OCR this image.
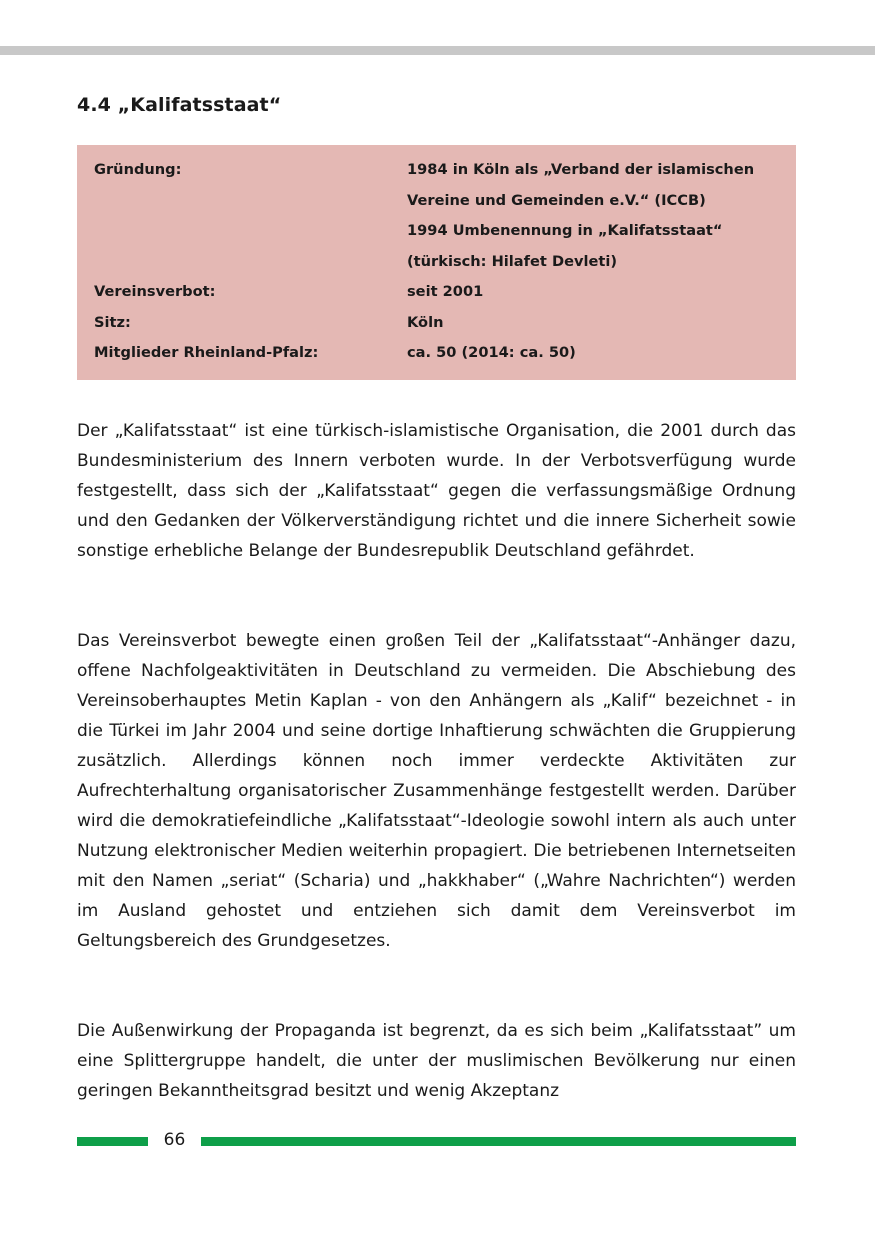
4.4 „Kalifatsstaat“
Gründung:	1984 in Köln als „Verband der islamischen
Vereine und Gemeinden e.V.“ (ICCB)
1994 Umbenennung in „Kalifatsstaat“
(türkisch: Hilafet Devleti)
Vereinsverbot:	seit 2001
Sitz:	Köln
Mitglieder Rheinland-Pfalz:	ca. 50 (2014: ca. 50)

Der „Kalifatsstaat“ ist eine türkisch-islamistische Organisation, die 2001 durch das Bundesministerium des Innern verboten wurde. In der Verbotsverfügung wurde festgestellt, dass sich der „Kalifatsstaat“ gegen die verfassungsmäßige Ordnung und den Gedanken der Völkerverständigung richtet und die innere Sicherheit sowie sonstige erhebliche Belange der Bundesrepublik Deutschland gefährdet.

Das Vereinsverbot bewegte einen großen Teil der „Kalifatsstaat“-Anhänger dazu, offene Nachfolgeaktivitäten in Deutschland zu vermeiden. Die Abschiebung des Vereinsoberhauptes Metin Kaplan - von den Anhängern als „Kalif“ bezeichnet - in die Türkei im Jahr 2004 und seine dortige Inhaftierung schwächten die Gruppierung zusätzlich. Allerdings können noch immer verdeckte Aktivitäten zur Aufrechterhaltung organisatorischer Zusammenhänge festgestellt werden. Darüber wird die demokratiefeindliche „Kalifatsstaat“-Ideologie sowohl intern als auch unter Nutzung elektronischer Medien weiterhin propagiert. Die betriebenen Internetseiten mit den Namen „seriat“ (Scharia) und „hakkhaber“ („Wahre Nachrichten“) werden im Ausland gehostet und entziehen sich damit dem Vereinsverbot im Geltungsbereich des Grundgesetzes.

Die Außenwirkung der Propaganda ist begrenzt, da es sich beim „Kalifatsstaat” um eine Splittergruppe handelt, die unter der muslimischen Bevölkerung nur einen geringen Bekanntheitsgrad besitzt und wenig Akzeptanz

66
